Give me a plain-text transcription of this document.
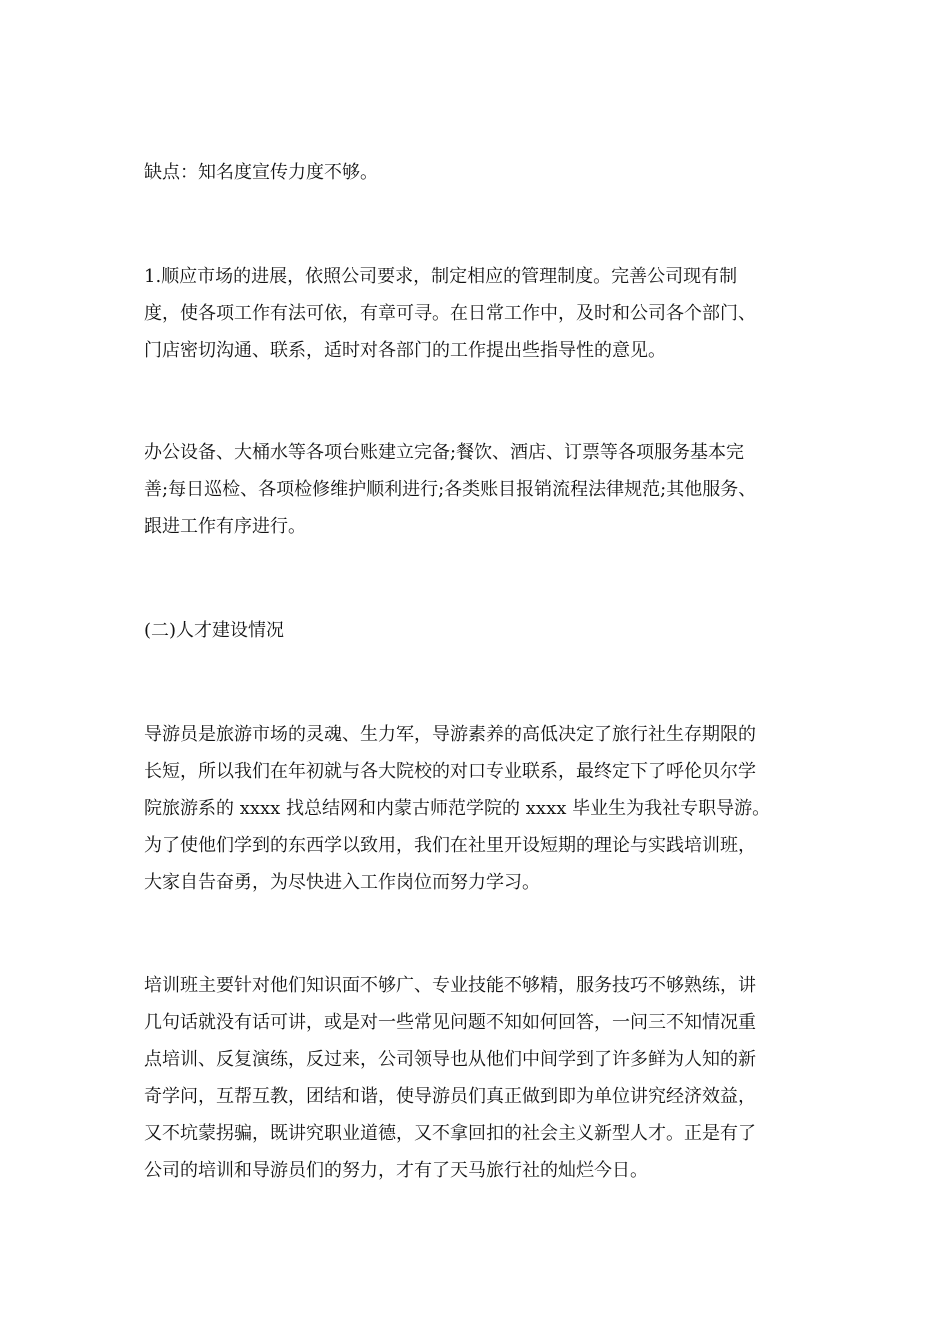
缺点：知名度宣传力度不够。

1.顺应市场的进展，依照公司要求，制定相应的管理制度。完善公司现有制
度，使各项工作有法可依，有章可寻。在日常工作中，及时和公司各个部门、
门店密切沟通、联系，适时对各部门的工作提出些指导性的意见。

办公设备、大桶水等各项台账建立完备;餐饮、酒店、订票等各项服务基本完
善;每日巡检、各项检修维护顺利进行;各类账目报销流程法律规范;其他服务、
跟进工作有序进行。

(二)人才建设情况

导游员是旅游市场的灵魂、生力军，导游素养的高低决定了旅行社生存期限的
长短，所以我们在年初就与各大院校的对口专业联系，最终定下了呼伦贝尔学
院旅游系的 xxxx 找总结网和内蒙古师范学院的 xxxx 毕业生为我社专职导游。
为了使他们学到的东西学以致用，我们在社里开设短期的理论与实践培训班，
大家自告奋勇，为尽快进入工作岗位而努力学习。

培训班主要针对他们知识面不够广、专业技能不够精，服务技巧不够熟练，讲
几句话就没有话可讲，或是对一些常见问题不知如何回答，一问三不知情况重
点培训、反复演练，反过来，公司领导也从他们中间学到了许多鲜为人知的新
奇学问，互帮互教，团结和谐，使导游员们真正做到即为单位讲究经济效益，
又不坑蒙拐骗，既讲究职业道德，又不拿回扣的社会主义新型人才。正是有了
公司的培训和导游员们的努力，才有了天马旅行社的灿烂今日。
